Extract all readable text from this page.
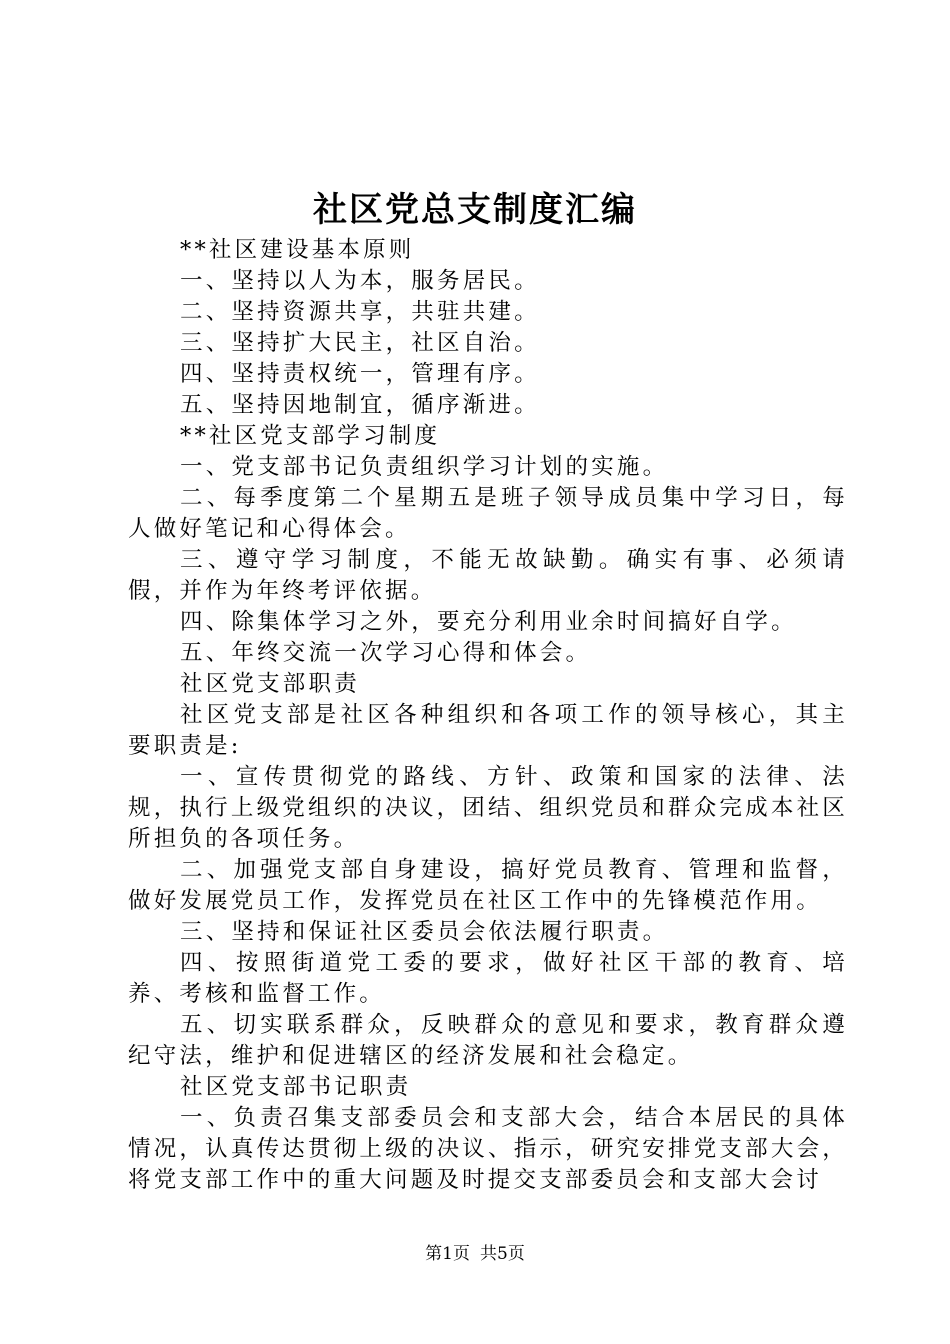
社区党总支制度汇编

**社区建设基本原则

一、坚持以人为本，服务居民。

二、坚持资源共享，共驻共建。

三、坚持扩大民主，社区自治。

四、坚持责权统一，管理有序。

五、坚持因地制宜，循序渐进。

**社区党支部学习制度

一、党支部书记负责组织学习计划的实施。

二、每季度第二个星期五是班子领导成员集中学习日，每人做好笔记和心得体会。

三、遵守学习制度，不能无故缺勤。确实有事、必须请假，并作为年终考评依据。

四、除集体学习之外，要充分利用业余时间搞好自学。

五、年终交流一次学习心得和体会。

社区党支部职责

社区党支部是社区各种组织和各项工作的领导核心，其主要职责是:

一、宣传贯彻党的路线、方针、政策和国家的法律、法规，执行上级党组织的决议，团结、组织党员和群众完成本社区所担负的各项任务。

二、加强党支部自身建设，搞好党员教育、管理和监督，做好发展党员工作，发挥党员在社区工作中的先锋模范作用。

三、坚持和保证社区委员会依法履行职责。

四、按照街道党工委的要求，做好社区干部的教育、培养、考核和监督工作。

五、切实联系群众，反映群众的意见和要求，教育群众遵纪守法，维护和促进辖区的经济发展和社会稳定。

社区党支部书记职责

一、负责召集支部委员会和支部大会，结合本居民的具体情况，认真传达贯彻上级的决议、指示，研究安排党支部大会，将党支部工作中的重大问题及时提交支部委员会和支部大会讨

第1页 共5页
